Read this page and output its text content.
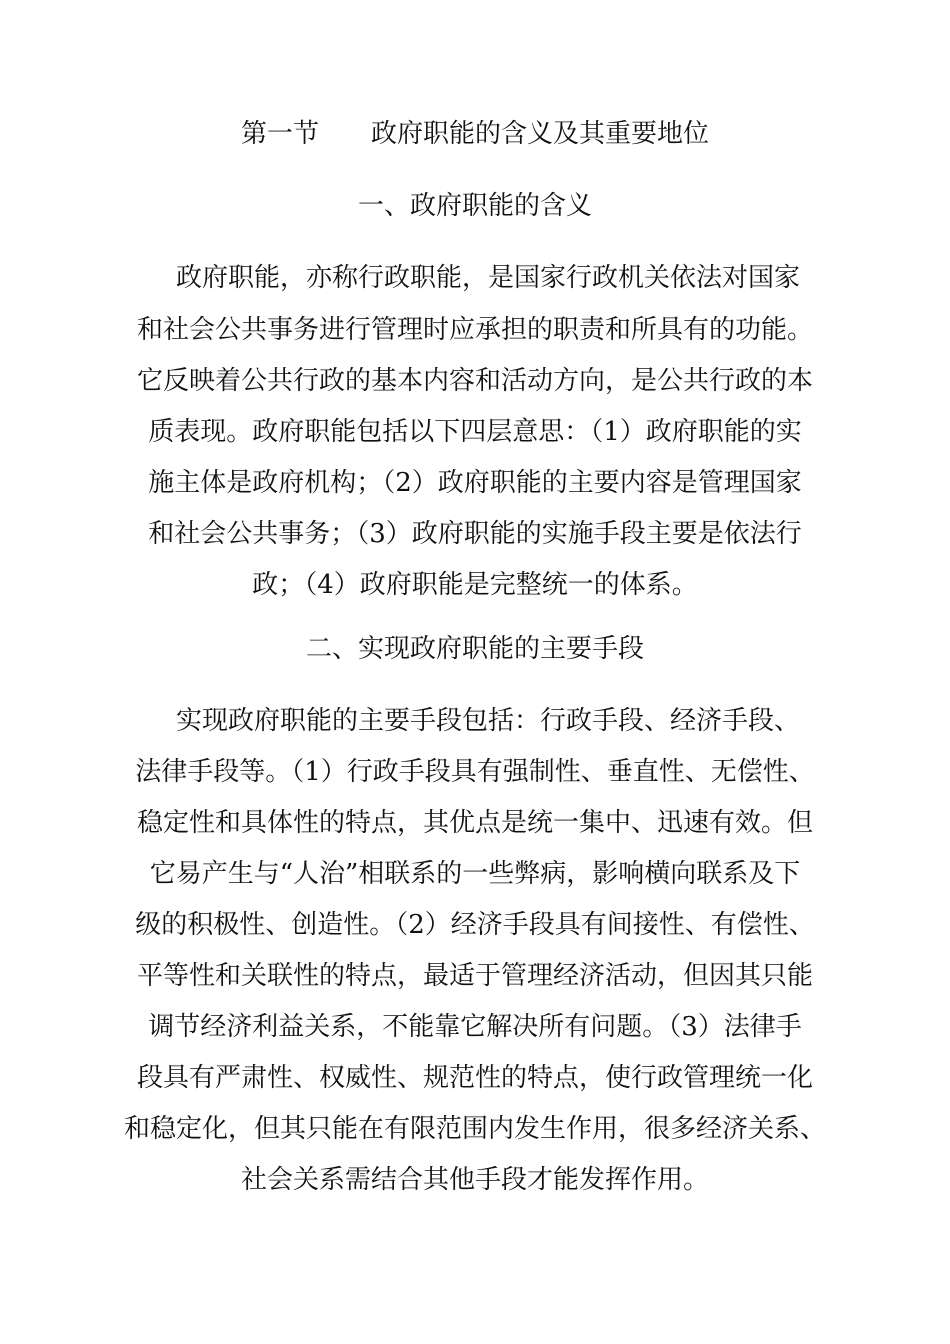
第一节　　政府职能的含义及其重要地位
一、政府职能的含义
　政府职能，亦称行政职能，是国家行政机关依法对国家
和社会公共事务进行管理时应承担的职责和所具有的功能。
它反映着公共行政的基本内容和活动方向，是公共行政的本
质表现。政府职能包括以下四层意思：（1）政府职能的实
施主体是政府机构；（2）政府职能的主要内容是管理国家
和社会公共事务；（3）政府职能的实施手段主要是依法行
政；（4）政府职能是完整统一的体系。
二、实现政府职能的主要手段
　实现政府职能的主要手段包括：行政手段、经济手段、
法律手段等。（1）行政手段具有强制性、垂直性、无偿性、
稳定性和具体性的特点，其优点是统一集中、迅速有效。但
它易产生与“人治”相联系的一些弊病，影响横向联系及下
级的积极性、创造性。（2）经济手段具有间接性、有偿性、
平等性和关联性的特点，最适于管理经济活动，但因其只能
调节经济利益关系，不能靠它解决所有问题。（3）法律手
段具有严肃性、权威性、规范性的特点，使行政管理统一化
和稳定化，但其只能在有限范围内发生作用，很多经济关系、
社会关系需结合其他手段才能发挥作用。
